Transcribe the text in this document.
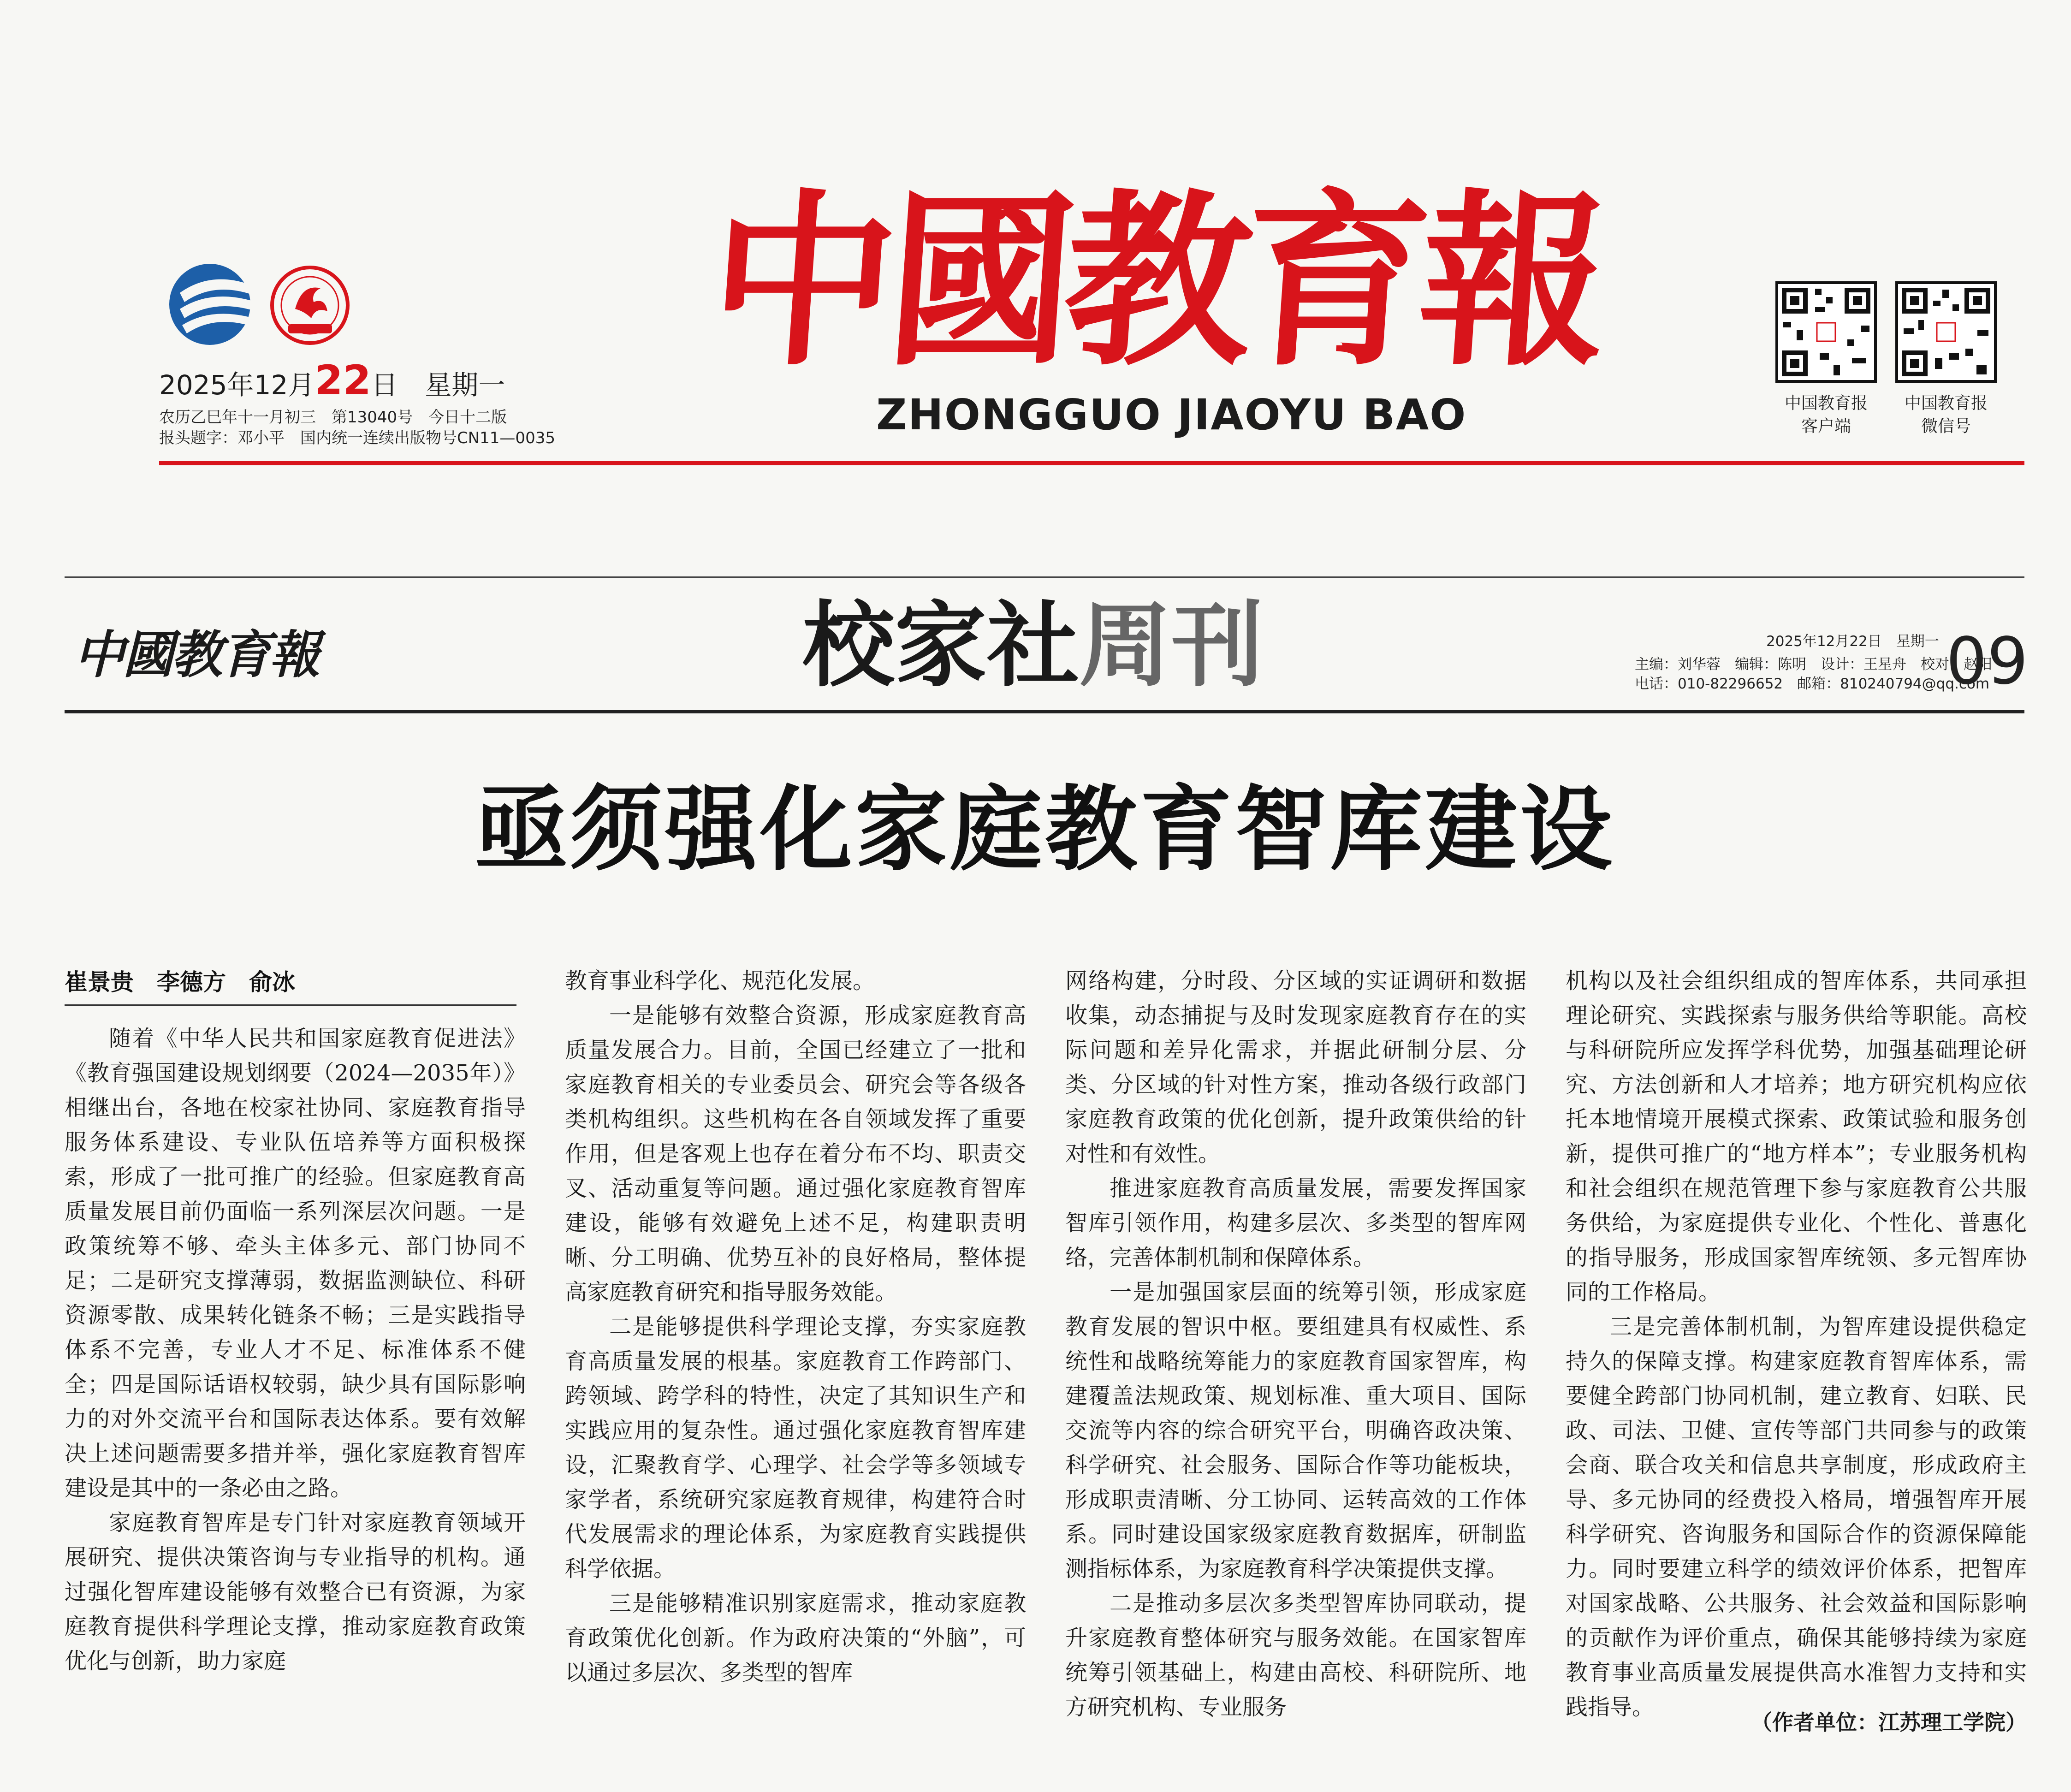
中國教育報
ZHONGGUO JIAOYU BAO
2025年12月22日 星期一
农历乙巳年十一月初三　第13040号　今日十二版
报头题字：邓小平　国内统一连续出版物号CN11—0035
中国教育报
客户端
中国教育报
微信号
中國教育報	校家社周刊	2025年12月22日　星期一
主编：刘华蓉　编辑：陈明　设计：王星舟　校对：赵阳
电话：010-82296652　邮箱：810240794@qq.com
09
亟须强化家庭教育智库建设
崔景贵　李德方　俞冰

随着《中华人民共和国家庭教育促进法》《教育强国建设规划纲要（2024—2035年）》相继出台，各地在校家社协同、家庭教育指导服务体系建设、专业队伍培养等方面积极探索，形成了一批可推广的经验。但家庭教育高质量发展目前仍面临一系列深层次问题。一是政策统筹不够、牵头主体多元、部门协同不足；二是研究支撑薄弱，数据监测缺位、科研资源零散、成果转化链条不畅；三是实践指导体系不完善，专业人才不足、标准体系不健全；四是国际话语权较弱，缺少具有国际影响力的对外交流平台和国际表达体系。要有效解决上述问题需要多措并举，强化家庭教育智库建设是其中的一条必由之路。

家庭教育智库是专门针对家庭教育领域开展研究、提供决策咨询与专业指导的机构。通过强化智库建设能够有效整合已有资源，为家庭教育提供科学理论支撑，推动家庭教育政策优化与创新，助力家庭

教育事业科学化、规范化发展。

一是能够有效整合资源，形成家庭教育高质量发展合力。目前，全国已经建立了一批和家庭教育相关的专业委员会、研究会等各级各类机构组织。这些机构在各自领域发挥了重要作用，但是客观上也存在着分布不均、职责交叉、活动重复等问题。通过强化家庭教育智库建设，能够有效避免上述不足，构建职责明晰、分工明确、优势互补的良好格局，整体提高家庭教育研究和指导服务效能。

二是能够提供科学理论支撑，夯实家庭教育高质量发展的根基。家庭教育工作跨部门、跨领域、跨学科的特性，决定了其知识生产和实践应用的复杂性。通过强化家庭教育智库建设，汇聚教育学、心理学、社会学等多领域专家学者，系统研究家庭教育规律，构建符合时代发展需求的理论体系，为家庭教育实践提供科学依据。

三是能够精准识别家庭需求，推动家庭教育政策优化创新。作为政府决策的“外脑”，可以通过多层次、多类型的智库

网络构建，分时段、分区域的实证调研和数据收集，动态捕捉与及时发现家庭教育存在的实际问题和差异化需求，并据此研制分层、分类、分区域的针对性方案，推动各级行政部门家庭教育政策的优化创新，提升政策供给的针对性和有效性。

推进家庭教育高质量发展，需要发挥国家智库引领作用，构建多层次、多类型的智库网络，完善体制机制和保障体系。

一是加强国家层面的统筹引领，形成家庭教育发展的智识中枢。要组建具有权威性、系统性和战略统筹能力的家庭教育国家智库，构建覆盖法规政策、规划标准、重大项目、国际交流等内容的综合研究平台，明确咨政决策、科学研究、社会服务、国际合作等功能板块，形成职责清晰、分工协同、运转高效的工作体系。同时建设国家级家庭教育数据库，研制监测指标体系，为家庭教育科学决策提供支撑。

二是推动多层次多类型智库协同联动，提升家庭教育整体研究与服务效能。在国家智库统筹引领基础上，构建由高校、科研院所、地方研究机构、专业服务

机构以及社会组织组成的智库体系，共同承担理论研究、实践探索与服务供给等职能。高校与科研院所应发挥学科优势，加强基础理论研究、方法创新和人才培养；地方研究机构应依托本地情境开展模式探索、政策试验和服务创新，提供可推广的“地方样本”；专业服务机构和社会组织在规范管理下参与家庭教育公共服务供给，为家庭提供专业化、个性化、普惠化的指导服务，形成国家智库统领、多元智库协同的工作格局。

三是完善体制机制，为智库建设提供稳定持久的保障支撑。构建家庭教育智库体系，需要健全跨部门协同机制，建立教育、妇联、民政、司法、卫健、宣传等部门共同参与的政策会商、联合攻关和信息共享制度，形成政府主导、多元协同的经费投入格局，增强智库开展科学研究、咨询服务和国际合作的资源保障能力。同时要建立科学的绩效评价体系，把智库对国家战略、公共服务、社会效益和国际影响的贡献作为评价重点，确保其能够持续为家庭教育事业高质量发展提供高水准智力支持和实践指导。

（作者单位：江苏理工学院）
